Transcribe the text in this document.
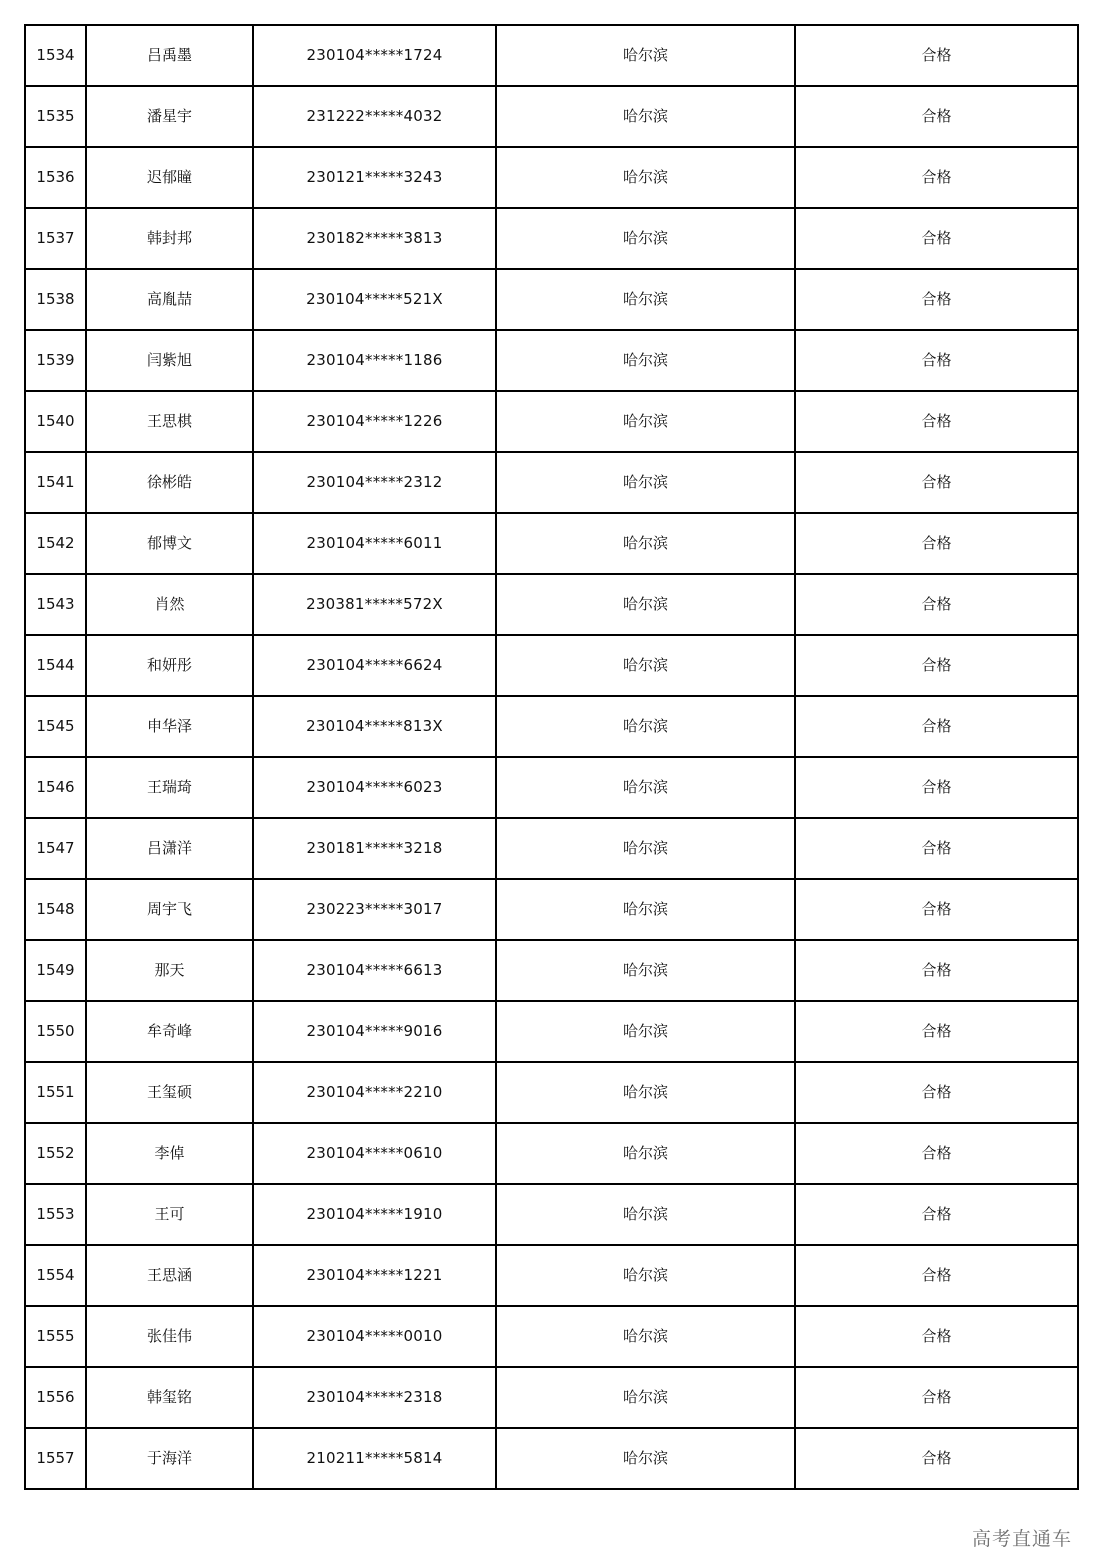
1534	吕禹墨	230104*****1724	哈尔滨	合格
1535	潘星宇	231222*****4032	哈尔滨	合格
1536	迟郁瞳	230121*****3243	哈尔滨	合格
1537	韩封邦	230182*****3813	哈尔滨	合格
1538	高胤喆	230104*****521X	哈尔滨	合格
1539	闫紫旭	230104*****1186	哈尔滨	合格
1540	王思棋	230104*****1226	哈尔滨	合格
1541	徐彬皓	230104*****2312	哈尔滨	合格
1542	郁博文	230104*****6011	哈尔滨	合格
1543	肖然	230381*****572X	哈尔滨	合格
1544	和妍彤	230104*****6624	哈尔滨	合格
1545	申华泽	230104*****813X	哈尔滨	合格
1546	王瑞琦	230104*****6023	哈尔滨	合格
1547	吕潇洋	230181*****3218	哈尔滨	合格
1548	周宇飞	230223*****3017	哈尔滨	合格
1549	那天	230104*****6613	哈尔滨	合格
1550	牟奇峰	230104*****9016	哈尔滨	合格
1551	王玺硕	230104*****2210	哈尔滨	合格
1552	李倬	230104*****0610	哈尔滨	合格
1553	王可	230104*****1910	哈尔滨	合格
1554	王思涵	230104*****1221	哈尔滨	合格
1555	张佳伟	230104*****0010	哈尔滨	合格
1556	韩玺铭	230104*****2318	哈尔滨	合格
1557	于海洋	210211*****5814	哈尔滨	合格
高考直通车
